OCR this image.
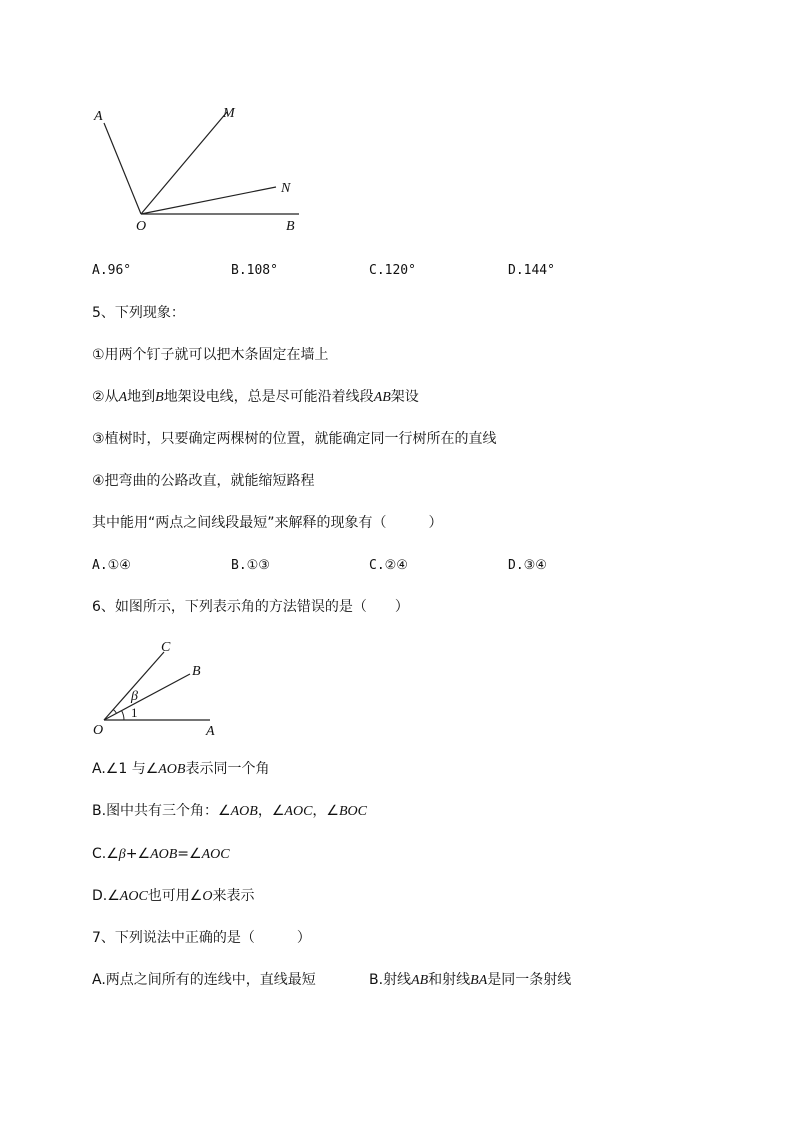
A	M
N
O	B
A.96°	B.108°	C.120°	D.144°
5、下列现象：
①用两个钉子就可以把木条固定在墙上
②从A地到B地架设电线，总是尽可能沿着线段AB架设
③植树时，只要确定两棵树的位置，就能确定同一行树所在的直线
④把弯曲的公路改直，就能缩短路程
其中能用“两点之间线段最短”来解释的现象有（　　　）
A.①④	B.①③	C.②④	D.③④
6、如图所示，下列表示角的方法错误的是（　　）
C
B
β
1
O	A
A.∠1 与∠AOB表示同一个角
B.图中共有三个角：∠AOB，∠AOC，∠BOC
C.∠β+∠AOB=∠AOC
D.∠AOC也可用∠O来表示
7、下列说法中正确的是（　　　）
A.两点之间所有的连线中，直线最短	B.射线AB和射线BA是同一条射线
